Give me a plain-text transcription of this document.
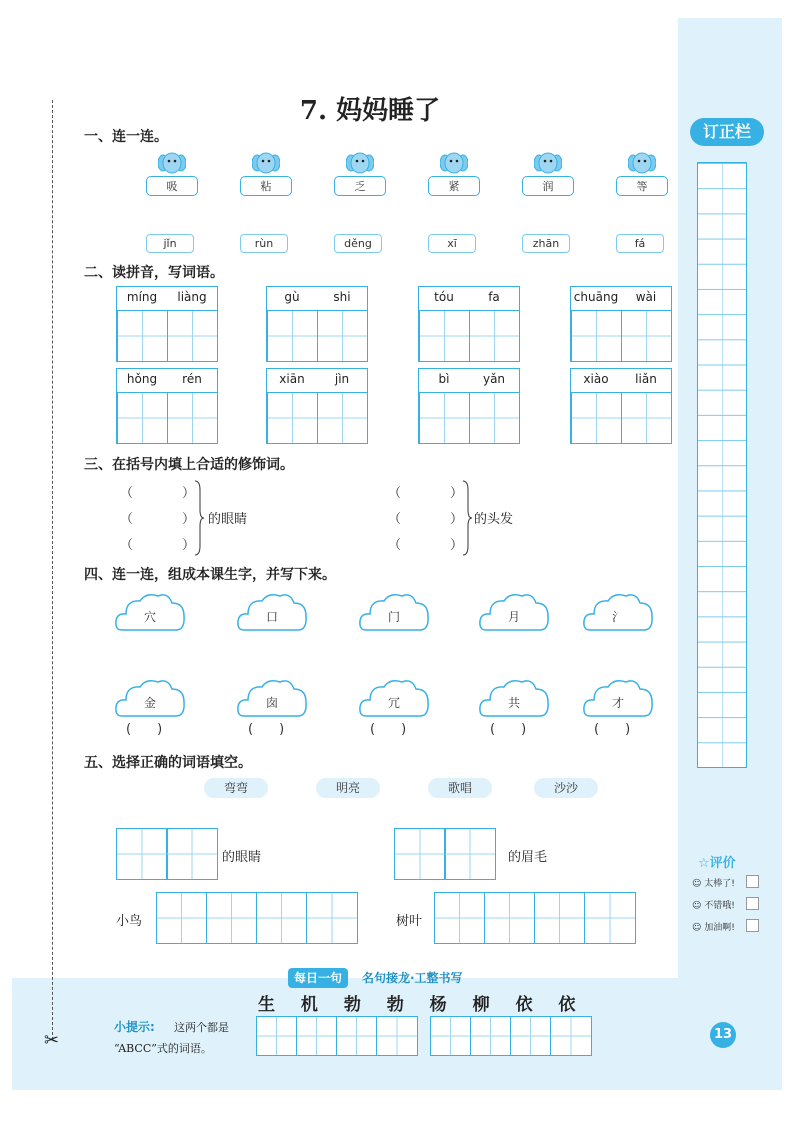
订正栏
☆评价
☺ 太棒了!
☺ 不错哦!
☺ 加油啊!
13
✂
7. 妈妈睡了
一、连一连。
吸	粘	乏	紧	润	等
jǐn	rùn	děng	xī	zhān	fá
二、读拼音，写词语。
míng	liàng	gù	shi	tóu	fa	chuāng	wài
hǒng	rén	xiān	jìn	bì	yǎn	xiào	liǎn
三、在括号内填上合适的修饰词。
（	）
（	）
（	）
的眼睛
（	）
（	）
（	）
的头发
四、连一连，组成本课生字，并写下来。
穴	口	门	月	氵
金
(　　)
囱
(　　)
冗
(　　)
共
(　　)
才
(　　)
五、选择正确的词语填空。
弯弯	明亮	歌唱	沙沙
的眼睛	的眉毛
小鸟	树叶
每日一句	名句接龙·工整书写
生 机 勃 勃 杨 柳 依 依
小提示: 这两个都是
“ABCC”式的词语。
